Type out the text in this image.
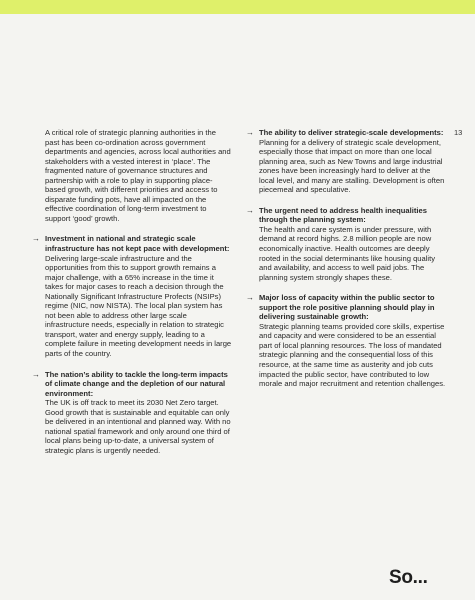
13

A critical role of strategic planning authorities in the past has been co-ordination across government departments and agencies, across local authorities and stakeholders with a vested interest in ‘place’. The fragmented nature of governance structures and partnership with a role to play in supporting place-based growth, with different priorities and access to disparate funding pots, have all impacted on the effective coordination of long-term investment to support ‘good’ growth.

→ Investment in national and strategic scale infrastructure has not kept pace with development:

Delivering large-scale infrastructure and the opportunities from this to support growth remains a major challenge, with a 65% increase in the time it takes for major cases to reach a decision through the Nationally Significant Infrastructure Profects (NSIPs) regime (NIC, now NISTA). The local plan system has not been able to address other large scale infrastructure needs, especially in relation to strategic transport, water and energy supply, leading to a complete failure in meeting development needs in large parts of the country.

→ The nation’s ability to tackle the long-term impacts of climate change and the depletion of our natural environment:

The UK is off track to meet its 2030 Net Zero target. Good growth that is sustainable and equitable can only be delivered in an intentional and planned way. With no national spatial framework and only around one third of local plans being up-to-date, a universal system of strategic plans is urgently needed.

→ The ability to deliver strategic-scale developments:

Planning for a delivery of strategic scale development, especially those that impact on more than one local planning area, such as New Towns and large industrial zones have been increasingly hard to deliver at the local level, and many are stalling. Development is often piecemeal and speculative.

→ The urgent need to address health inequalities through the planning system:

The health and care system is under pressure, with demand at record highs. 2.8 million people are now economically inactive. Health outcomes are deeply rooted in the social determinants like housing quality and availability, and access to well paid jobs. The planning system strongly shapes these.

→ Major loss of capacity within the public sector to support the role positive planning should play in delivering sustainable growth:

Strategic planning teams provided core skills, expertise and capacity and were considered to be an essential part of local planning resources. The loss of mandated strategic planning and the consequential loss of this resource, at the same time as austerity and job cuts impacted the public sector, have contributed to low morale and major recruitment and retention challenges.

So...
